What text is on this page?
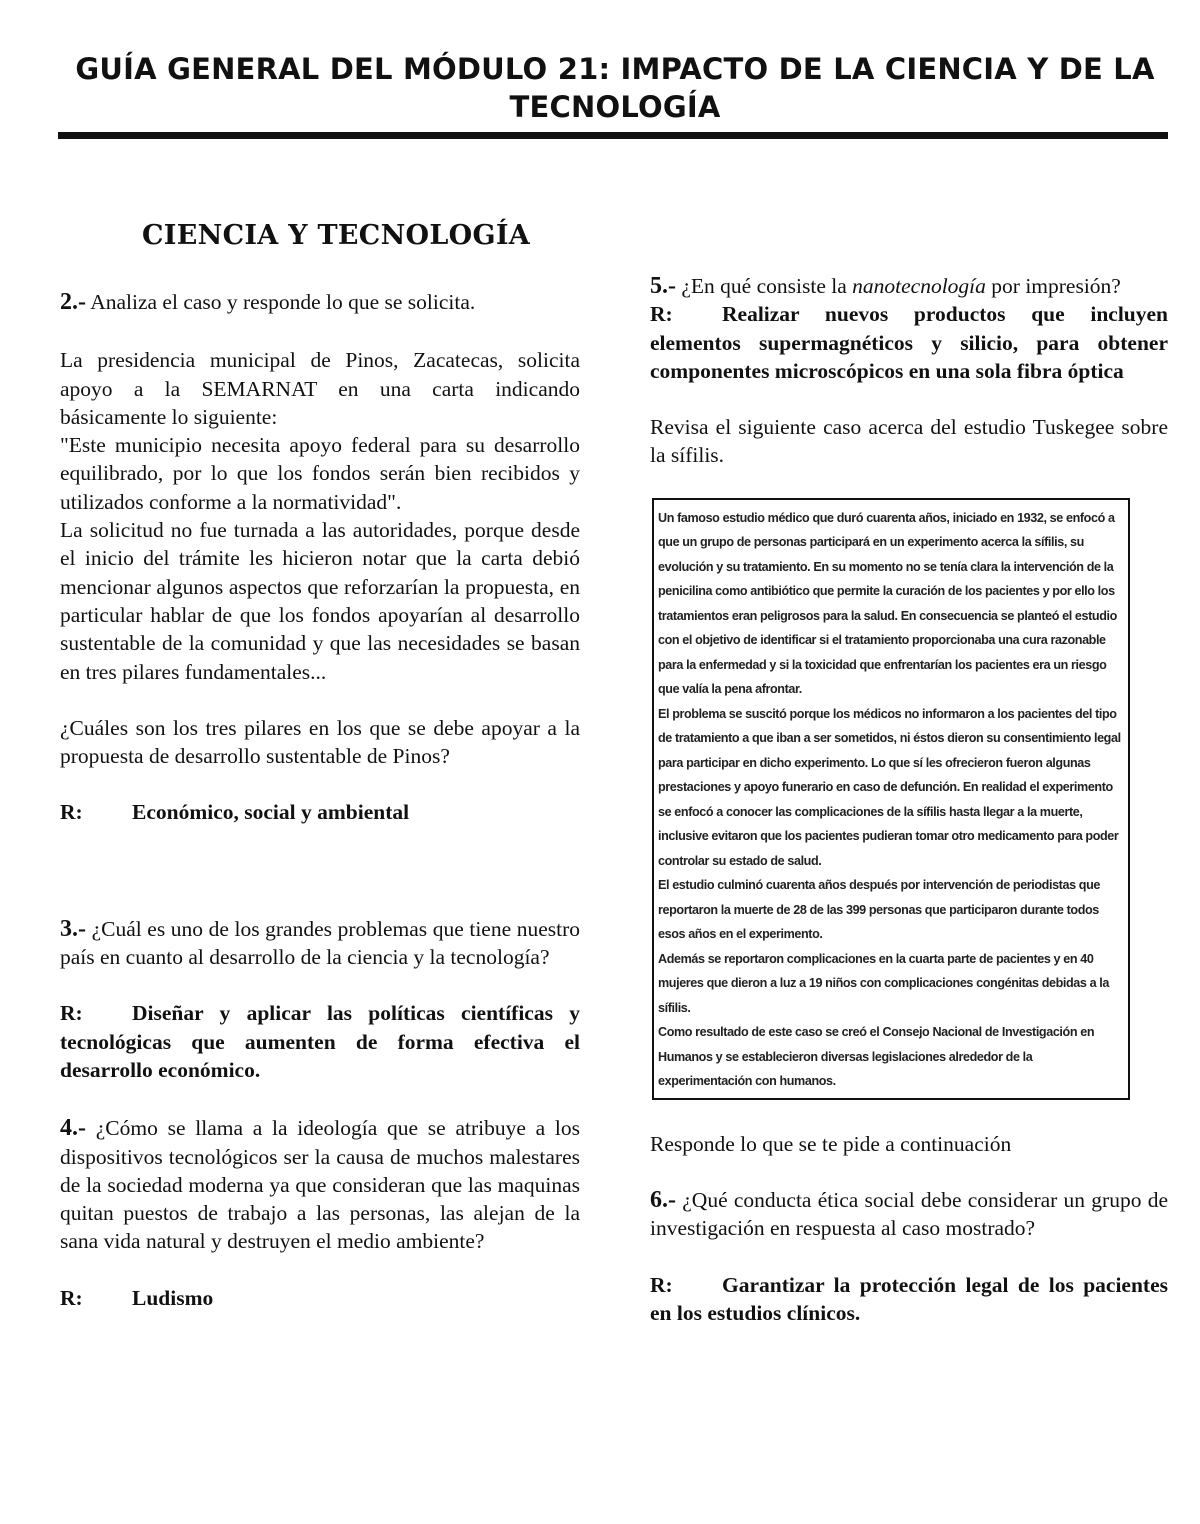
GUÍA GENERAL DEL MÓDULO 21: IMPACTO DE LA CIENCIA Y DE LA
TECNOLOGÍA
CIENCIA Y TECNOLOGÍA

2.- Analiza el caso y responde lo que se solicita.

La presidencia municipal de Pinos, Zacatecas, solicita apoyo a la SEMARNAT en una carta indicando básicamente lo siguiente:

"Este municipio necesita apoyo federal para su desarrollo equilibrado, por lo que los fondos serán bien recibidos y utilizados conforme a la normatividad".

La solicitud no fue turnada a las autoridades, porque desde el inicio del trámite les hicieron notar que la carta debió mencionar algunos aspectos que reforzarían la propuesta, en particular hablar de que los fondos apoyarían al desarrollo sustentable de la comunidad y que las necesidades se basan en tres pilares fundamentales...

¿Cuáles son los tres pilares en los que se debe apoyar a la propuesta de desarrollo sustentable de Pinos?

R: Económico, social y ambiental

3.- ¿Cuál es uno de los grandes problemas que tiene nuestro país en cuanto al desarrollo de la ciencia y la tecnología?

R: Diseñar y aplicar las políticas científicas y tecnológicas que aumenten de forma efectiva el desarrollo económico.

4.- ¿Cómo se llama a la ideología que se atribuye a los dispositivos tecnológicos ser la causa de muchos malestares de la sociedad moderna ya que consideran que las maquinas quitan puestos de trabajo a las personas, las alejan de la sana vida natural y destruyen el medio ambiente?

R: Ludismo

5.- ¿En qué consiste la nanotecnología por impresión?

R: Realizar nuevos productos que incluyen elementos supermagnéticos y silicio, para obtener componentes microscópicos en una sola fibra óptica

Revisa el siguiente caso acerca del estudio Tuskegee sobre la sífilis.

Un famoso estudio médico que duró cuarenta años, iniciado en 1932, se enfocó a que un grupo de personas participará en un experimento acerca la sífilis, su evolución y su tratamiento. En su momento no se tenía clara la intervención de la penicilina como antibiótico que permite la curación de los pacientes y por ello los tratamientos eran peligrosos para la salud. En consecuencia se planteó el estudio con el objetivo de identificar si el tratamiento proporcionaba una cura razonable para la enfermedad y si la toxicidad que enfrentarían los pacientes era un riesgo que valía la pena afrontar.

El problema se suscitó porque los médicos no informaron a los pacientes del tipo de tratamiento a que iban a ser sometidos, ni éstos dieron su consentimiento legal para participar en dicho experimento. Lo que sí les ofrecieron fueron algunas prestaciones y apoyo funerario en caso de defunción. En realidad el experimento se enfocó a conocer las complicaciones de la sífilis hasta llegar a la muerte, inclusive evitaron que los pacientes pudieran tomar otro medicamento para poder controlar su estado de salud.

El estudio culminó cuarenta años después por intervención de periodistas que reportaron la muerte de 28 de las 399 personas que participaron durante todos esos años en el experimento.

Además se reportaron complicaciones en la cuarta parte de pacientes y en 40 mujeres que dieron a luz a 19 niños con complicaciones congénitas debidas a la sífilis.

Como resultado de este caso se creó el Consejo Nacional de Investigación en Humanos y se establecieron diversas legislaciones alrededor de la experimentación con humanos.

Responde lo que se te pide a continuación

6.- ¿Qué conducta ética social debe considerar un grupo de investigación en respuesta al caso mostrado?

R: Garantizar la protección legal de los pacientes en los estudios clínicos.
